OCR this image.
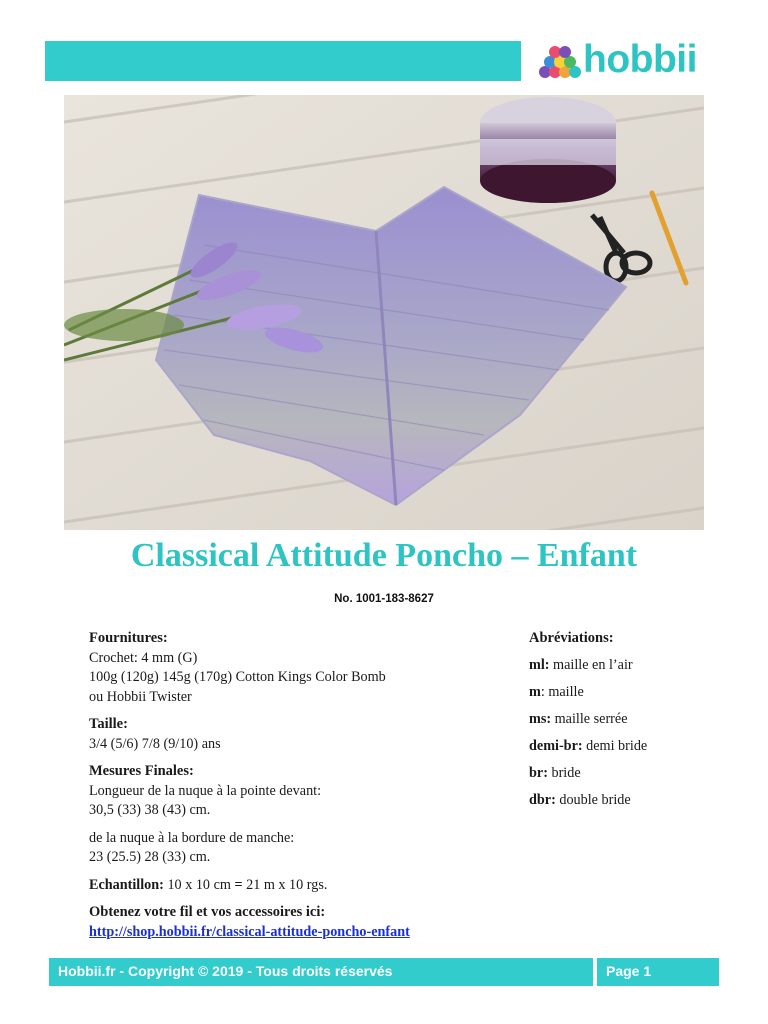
hobbii
Classical Attitude Poncho – Enfant
No. 1001-183-8627
Fournitures:
Crochet: 4 mm (G)
100g (120g) 145g (170g) Cotton Kings Color Bomb
ou Hobbii Twister
Taille:
3/4 (5/6) 7/8 (9/10) ans
Mesures Finales:
Longueur de la nuque à la pointe devant:
30,5 (33) 38 (43) cm.
de la nuque à la bordure de manche:
23 (25.5) 28 (33) cm.
Echantillon: 10 x 10 cm = 21 m x 10 rgs.
Obtenez votre fil et vos accessoires ici:
http://shop.hobbii.fr/classical-attitude-poncho-enfant
Abréviations:
ml: maille en l’air
m: maille
ms: maille serrée
demi-br: demi bride
br: bride
dbr: double bride
Hobbii.fr - Copyright © 2019 - Tous droits réservés	Page 1
